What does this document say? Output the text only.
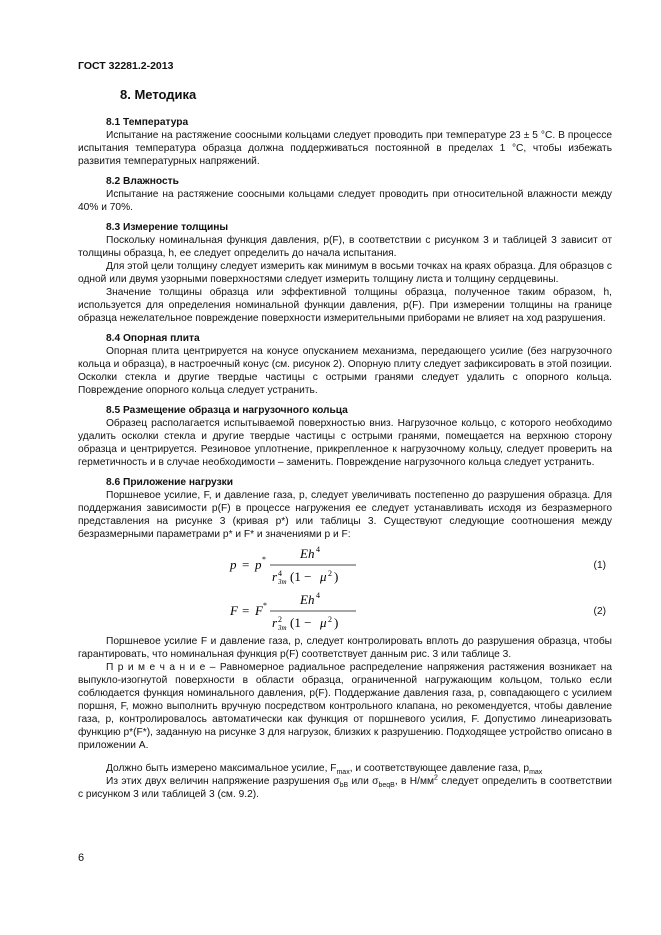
ГОСТ 32281.2-2013
8. Методика
8.1 Температура

Испытание на растяжение соосными кольцами следует проводить при температуре 23 ± 5 °С. В процессе испытания температура образца должна поддерживаться постоянной в пределах 1 °С, чтобы избежать развития температурных напряжений.

8.2 Влажность

Испытание на растяжение соосными кольцами следует проводить при относительной влажности между 40% и 70%.

8.3 Измерение толщины

Поскольку номинальная функция давления, p(F), в соответствии с рисунком 3 и таблицей 3 зависит от толщины образца, h, ее следует определить до начала испытания.

Для этой цели толщину следует измерить как минимум в восьми точках на краях образца. Для образцов с одной или двумя узорными поверхностями следует измерить толщину листа и толщину сердцевины.

Значение толщины образца или эффективной толщины образца, полученное таким образом, h, используется для определения номинальной функции давления, p(F). При измерении толщины на границе образца нежелательное повреждение поверхности измерительными приборами не влияет на ход разрушения.

8.4 Опорная плита

Опорная плита центрируется на конусе опусканием механизма, передающего усилие (без нагрузочного кольца и образца), в настроечный конус (см. рисунок 2). Опорную плиту следует зафиксировать в этой позиции. Осколки стекла и другие твердые частицы с острыми гранями следует удалить с опорного кольца. Повреждение опорного кольца следует устранить.

8.5 Размещение образца и нагрузочного кольца

Образец располагается испытываемой поверхностью вниз. Нагрузочное кольцо, с которого необходимо удалить осколки стекла и другие твердые частицы с острыми гранями, помещается на верхнюю сторону образца и центрируется. Резиновое уплотнение, прикрепленное к нагрузочному кольцу, следует проверить на герметичность и в случае необходимости – заменить. Повреждение нагрузочного кольца следует устранить.

8.6 Приложение нагрузки

Поршневое усилие, F, и давление газа, p, следует увеличивать постепенно до разрушения образца. Для поддержания зависимости p(F) в процессе нагружения ее следует устанавливать исходя из безразмерного представления на рисунке 3 (кривая p*) или таблицы 3. Существуют следующие соотношения между безразмерными параметрами p* и F* и значениями p и F:

p = p *	Eh 4
r 4
3m (1 − μ 2 )
(1)
F = F *	Eh 4
r 2
3m (1 − μ 2 )
(2)

Поршневое усилие F и давление газа, p, следует контролировать вплоть до разрушения образца, чтобы гарантировать, что номинальная функция p(F) соответствует данным рис. 3 или таблице 3.

П р и м е ч а н и е – Равномерное радиальное распределение напряжения растяжения возникает на выпукло-изогнутой поверхности в области образца, ограниченной нагружающим кольцом, только если соблюдается функция номинального давления, p(F). Поддержание давления газа, p, совпадающего с усилием поршня, F, можно выполнить вручную посредством контрольного клапана, но рекомендуется, чтобы давление газа, p, контролировалось автоматически как функция от поршневого усилия, F. Допустимо линеаризовать функцию p*(F*), заданную на рисунке 3 для нагрузок, близких к разрушению. Подходящее устройство описано в приложении А.

Должно быть измерено максимальное усилие, $F_{max}$, и соответствующее давление газа, $p_{max}$

Из этих двух величин напряжение разрушения $\sigma_{bB}$ или $\sigma_{beqB}$, в $Н/мм^2$ следует определить в соответствии с рисунком 3 или таблицей 3 (см. 9.2).

6
